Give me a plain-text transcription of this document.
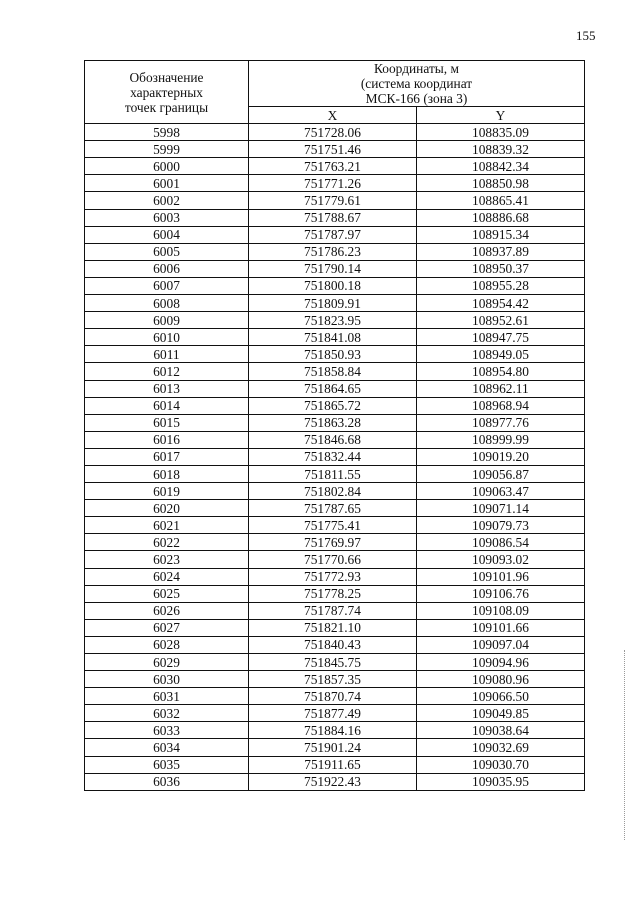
155
Обозначение
характерных
точек границы	Координаты, м
(система координат
МСК-166 (зона 3)	

	X	Y
5998	751728.06	108835.09
5999	751751.46	108839.32
6000	751763.21	108842.34
6001	751771.26	108850.98
6002	751779.61	108865.41
6003	751788.67	108886.68
6004	751787.97	108915.34
6005	751786.23	108937.89
6006	751790.14	108950.37
6007	751800.18	108955.28
6008	751809.91	108954.42
6009	751823.95	108952.61
6010	751841.08	108947.75
6011	751850.93	108949.05
6012	751858.84	108954.80
6013	751864.65	108962.11
6014	751865.72	108968.94
6015	751863.28	108977.76
6016	751846.68	108999.99
6017	751832.44	109019.20
6018	751811.55	109056.87
6019	751802.84	109063.47
6020	751787.65	109071.14
6021	751775.41	109079.73
6022	751769.97	109086.54
6023	751770.66	109093.02
6024	751772.93	109101.96
6025	751778.25	109106.76
6026	751787.74	109108.09
6027	751821.10	109101.66
6028	751840.43	109097.04
6029	751845.75	109094.96
6030	751857.35	109080.96
6031	751870.74	109066.50
6032	751877.49	109049.85
6033	751884.16	109038.64
6034	751901.24	109032.69
6035	751911.65	109030.70
6036	751922.43	109035.95
